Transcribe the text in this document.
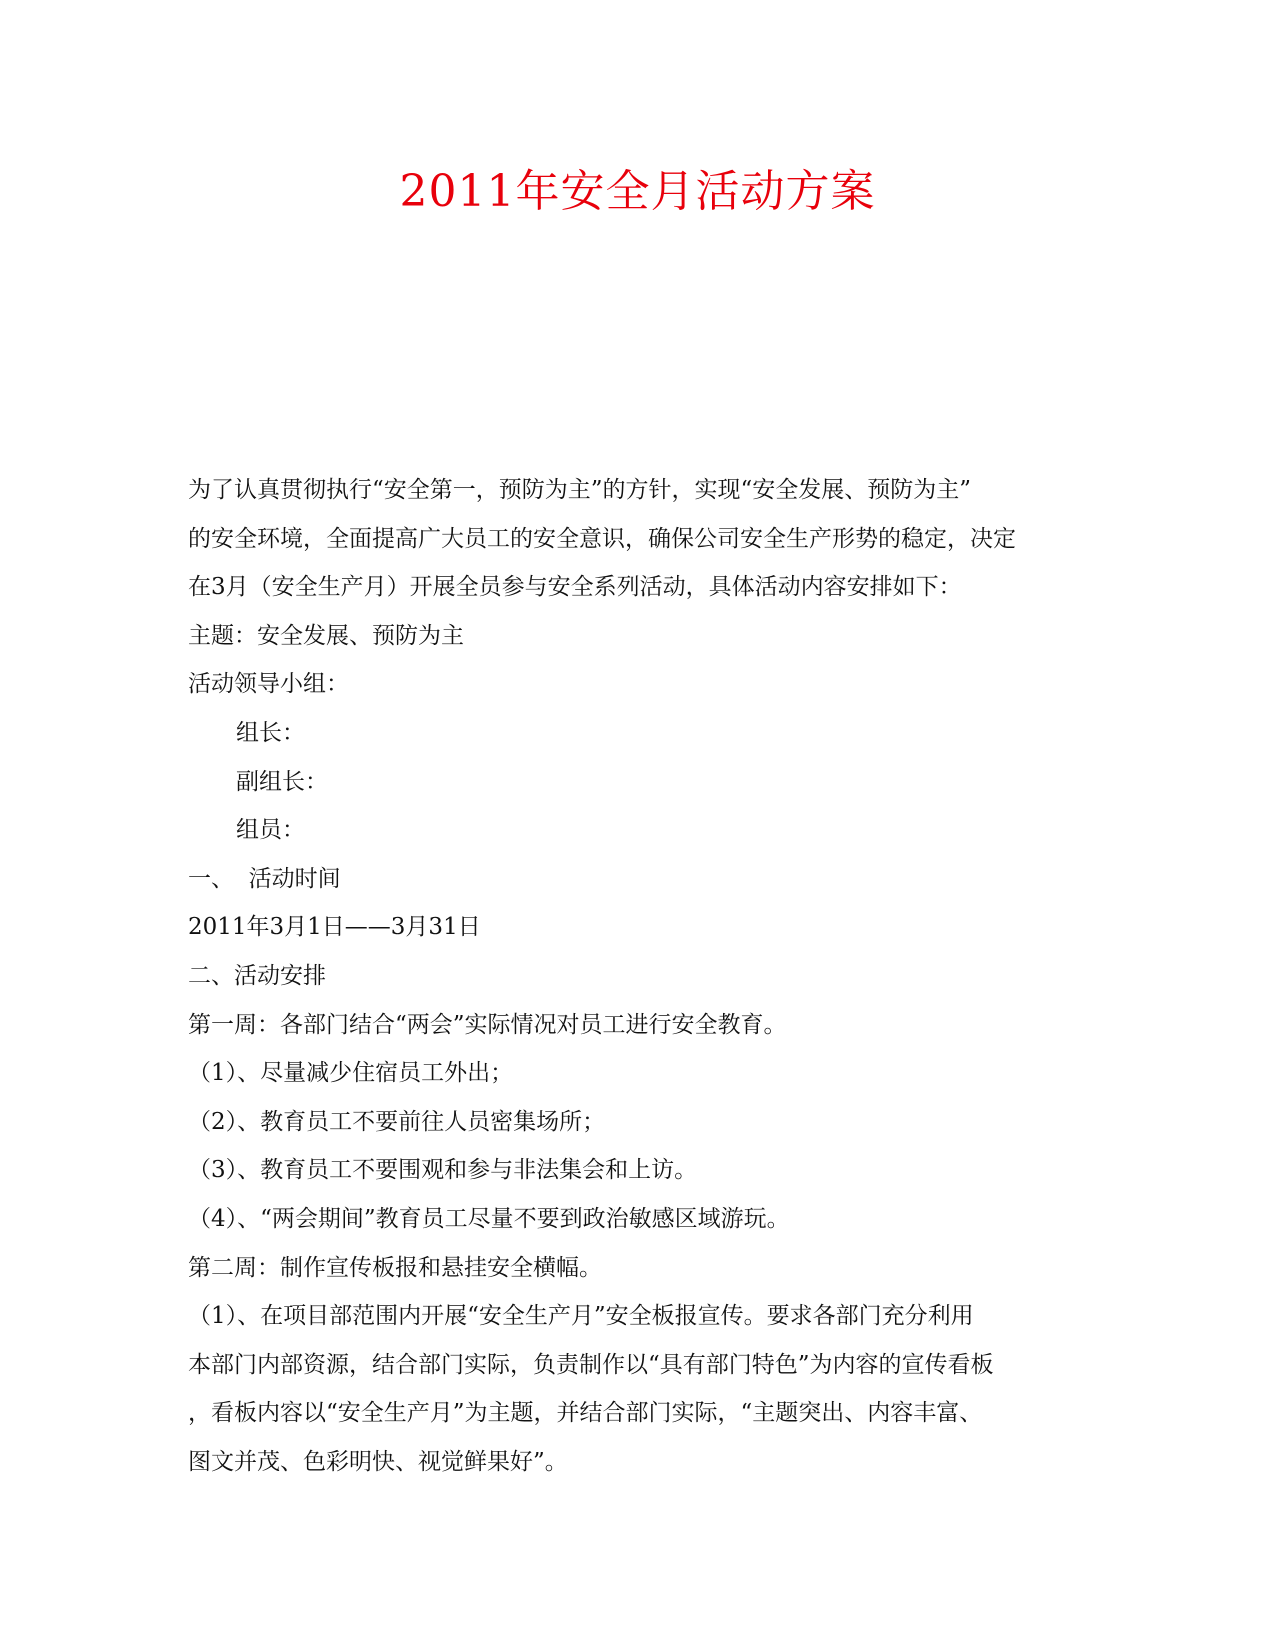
2011年安全月活动方案

为了认真贯彻执行“安全第一，预防为主”的方针，实现“安全发展、预防为主”

的安全环境，全面提高广大员工的安全意识，确保公司安全生产形势的稳定，决定

在3月（安全生产月）开展全员参与安全系列活动，具体活动内容安排如下：

主题：安全发展、预防为主

活动领导小组：

组长：

副组长：

组员：

一、  活动时间

2011年3月1日——3月31日

二、活动安排

第一周：各部门结合“两会”实际情况对员工进行安全教育。

（1）、尽量减少住宿员工外出；

（2）、教育员工不要前往人员密集场所；

（3）、教育员工不要围观和参与非法集会和上访。

（4）、“两会期间”教育员工尽量不要到政治敏感区域游玩。

第二周：制作宣传板报和悬挂安全横幅。

（1）、在项目部范围内开展“安全生产月”安全板报宣传。要求各部门充分利用

本部门内部资源，结合部门实际，负责制作以“具有部门特色”为内容的宣传看板

，看板内容以“安全生产月”为主题，并结合部门实际，“主题突出、内容丰富、

图文并茂、色彩明快、视觉鲜果好”。
